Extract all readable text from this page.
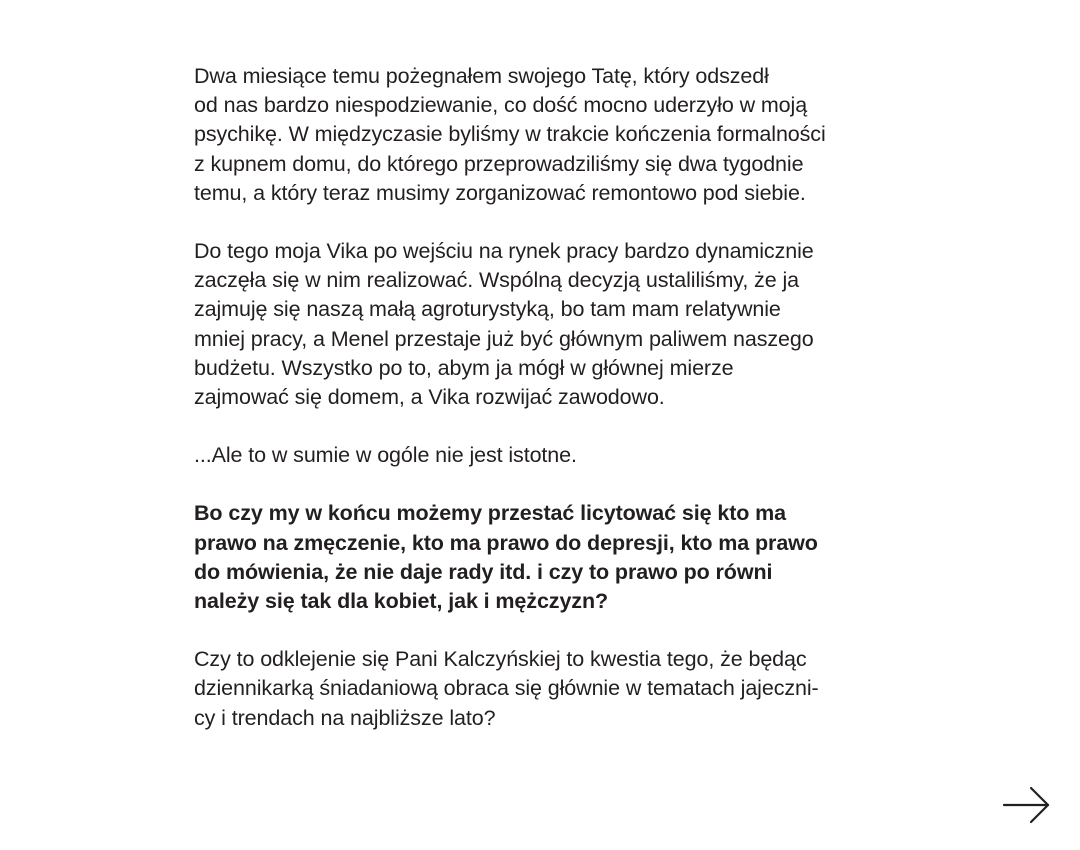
Dwa miesiące temu pożegnałem swojego Tatę, który odszedł
od nas bardzo niespodziewanie, co dość mocno uderzyło w moją
psychikę. W międzyczasie byliśmy w trakcie kończenia formalności
z kupnem domu, do którego przeprowadziliśmy się dwa tygodnie
temu, a który teraz musimy zorganizować remontowo pod siebie.

Do tego moja Vika po wejściu na rynek pracy bardzo dynamicznie
zaczęła się w nim realizować. Wspólną decyzją ustaliliśmy, że ja
zajmuję się naszą małą agroturystyką, bo tam mam relatywnie
mniej pracy, a Menel przestaje już być głównym paliwem naszego
budżetu. Wszystko po to, abym ja mógł w głównej mierze
zajmować się domem, a Vika rozwijać zawodowo.

...Ale to w sumie w ogóle nie jest istotne.

Bo czy my w końcu możemy przestać licytować się kto ma
prawo na zmęczenie, kto ma prawo do depresji, kto ma prawo
do mówienia, że nie daje rady itd. i czy to prawo po równi
należy się tak dla kobiet, jak i mężczyzn?

Czy to odklejenie się Pani Kalczyńskiej to kwestia tego, że będąc
dziennikarką śniadaniową obraca się głównie w tematach jajeczni-
cy i trendach na najbliższe lato?
